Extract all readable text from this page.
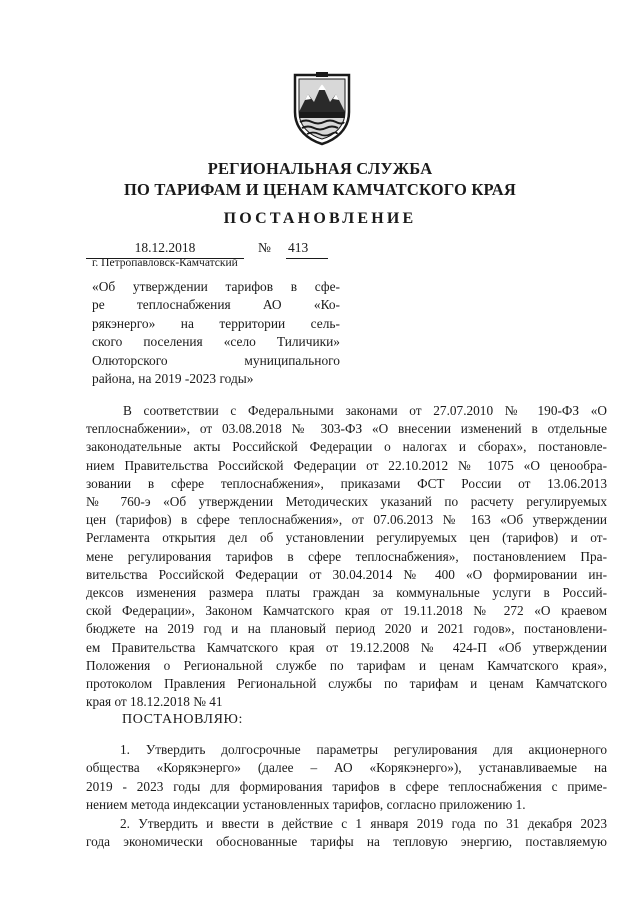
РЕГИОНАЛЬНАЯ СЛУЖБА
ПО ТАРИФАМ И ЦЕНАМ КАМЧАТСКОГО КРАЯ
ПОСТАНОВЛЕНИЕ
18.12.2018	№ 413
г. Петропавловск-Камчатский
«Об утверждении тарифов в сфе-
ре теплоснабжения АО «Ко-
рякэнерго» на территории сель-
ского поселения «село Тиличики»
Олюторского муниципального
района, на 2019 -2023 годы»
В соответствии с Федеральными законами от 27.07.2010 № 190-ФЗ «О
теплоснабжении», от 03.08.2018 № 303-ФЗ «О внесении изменений в отдельные
законодательные акты Российской Федерации о налогах и сборах», постановле-
нием Правительства Российской Федерации от 22.10.2012 № 1075 «О ценообра-
зовании в сфере теплоснабжения», приказами ФСТ России от 13.06.2013
№ 760-э «Об утверждении Методических указаний по расчету регулируемых
цен (тарифов) в сфере теплоснабжения», от 07.06.2013 № 163 «Об утверждении
Регламента открытия дел об установлении регулируемых цен (тарифов) и от-
мене регулирования тарифов в сфере теплоснабжения», постановлением Пра-
вительства Российской Федерации от 30.04.2014 № 400 «О формировании ин-
дексов изменения размера платы граждан за коммунальные услуги в Россий-
ской Федерации», Законом Камчатского края от 19.11.2018 № 272 «О краевом
бюджете на 2019 год и на плановый период 2020 и 2021 годов», постановлени-
ем Правительства Камчатского края от 19.12.2008 № 424-П «Об утверждении
Положения о Региональной службе по тарифам и ценам Камчатского края»,
протоколом Правления Региональной службы по тарифам и ценам Камчатского
края от 18.12.2018 № 41
ПОСТАНОВЛЯЮ:
1. Утвердить долгосрочные параметры регулирования для акционерного
общества «Корякэнерго» (далее – АО «Корякэнерго»), устанавливаемые на
2019 - 2023 годы для формирования тарифов в сфере теплоснабжения с приме-
нением метода индексации установленных тарифов, согласно приложению 1.
2. Утвердить и ввести в действие с 1 января 2019 года по 31 декабря 2023
года экономически обоснованные тарифы на тепловую энергию, поставляемую
